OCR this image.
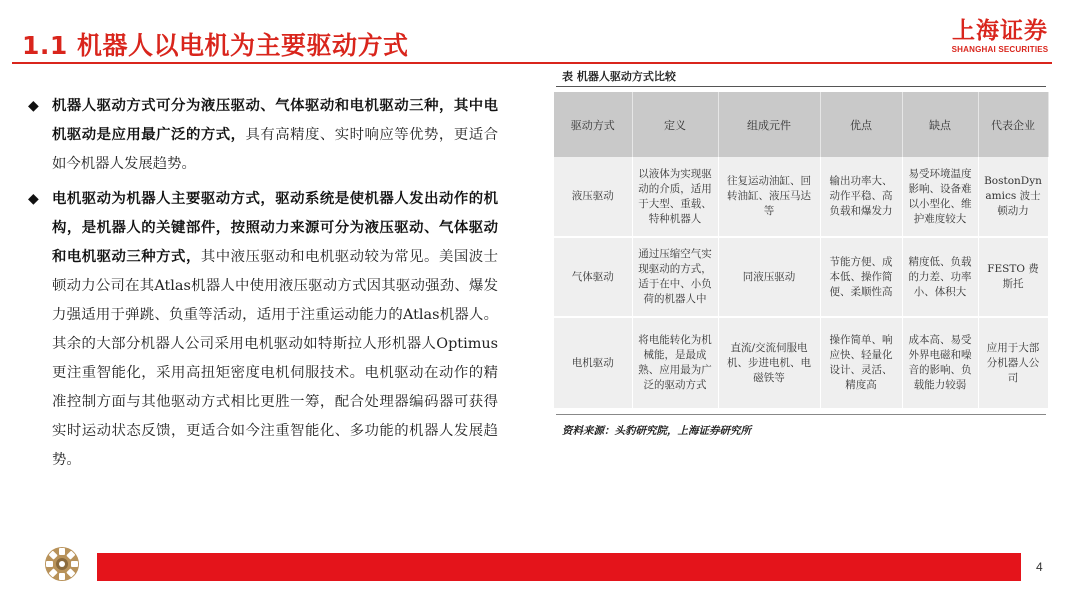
1.1 机器人以电机为主要驱动方式	上海证券
SHANGHAI SECURITIES
◆ 机器人驱动方式可分为液压驱动、气体驱动和电机驱动三种，其中电机驱动是应用最广泛的方式，具有高精度、实时响应等优势，更适合如今机器人发展趋势。

◆ 电机驱动为机器人主要驱动方式，驱动系统是使机器人发出动作的机构，是机器人的关键部件，按照动力来源可分为液压驱动、气体驱动和电机驱动三种方式，其中液压驱动和电机驱动较为常见。美国波士顿动力公司在其Atlas机器人中使用液压驱动方式因其驱动强劲、爆发力强适用于弹跳、负重等活动，适用于注重运动能力的Atlas机器人。其余的大部分机器人公司采用电机驱动如特斯拉人形机器人Optimus更注重智能化，采用高扭矩密度电机伺服技术。电机驱动在动作的精准控制方面与其他驱动方式相比更胜一筹，配合处理器编码器可获得实时运动状态反馈，更适合如今注重智能化、多功能的机器人发展趋势。

表 机器人驱动方式比较
驱动方式	定义	组成元件	优点	缺点	代表企业
液压驱动	以液体为实现驱动的介质，适用于大型、重载、特种机器人	往复运动油缸、回转油缸、液压马达等	输出功率大、动作平稳、高负载和爆发力	易受环境温度影响、设备难以小型化、维护难度较大	BostonDynamics 波士顿动力
气体驱动	通过压缩空气实现驱动的方式，适于在中、小负荷的机器人中	同液压驱动	节能方便、成本低、操作简便、柔顺性高	精度低、负载的力差、功率小、体积大	FESTO 费斯托
电机驱动	将电能转化为机械能，是最成熟、应用最为广泛的驱动方式	直流/交流伺服电机、步进电机、电磁铁等	操作简单、响应快、轻量化设计、灵活、精度高	成本高、易受外界电磁和噪音的影响、负载能力较弱	应用于大部分机器人公司
资料来源：头豹研究院，上海证券研究所
4
